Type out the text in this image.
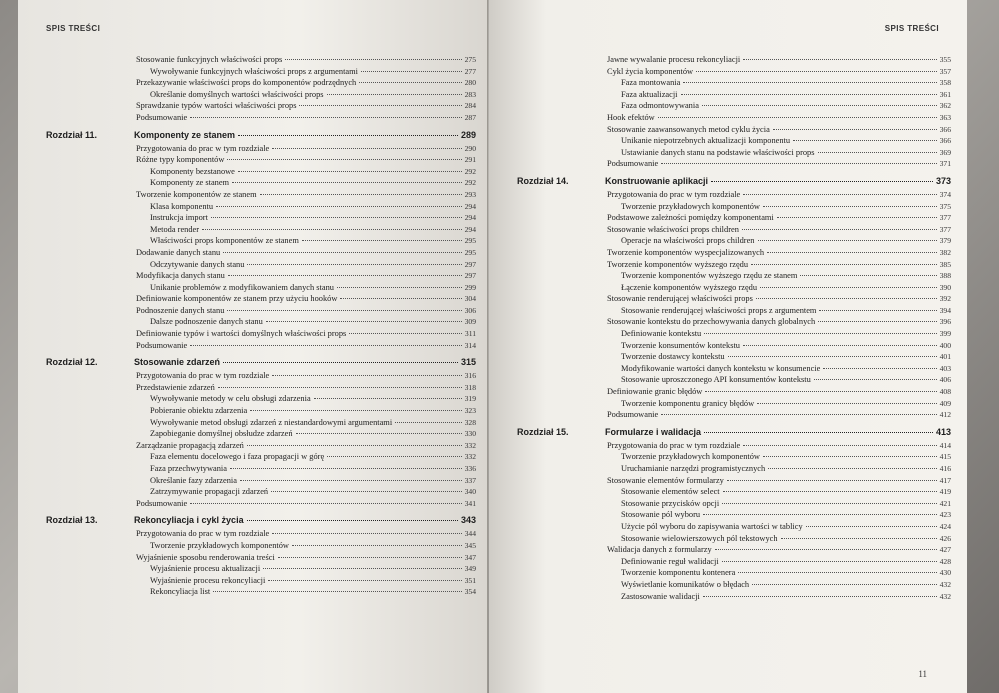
SPIS TREŚCI
Stosowanie funkcyjnych właściwości props	275
Wywoływanie funkcyjnych właściwości props z argumentami	277
Przekazywanie właściwości props do komponentów podrzędnych	280
Określanie domyślnych wartości właściwości props	283
Sprawdzanie typów wartości właściwości props	284
Podsumowanie	287
Rozdział 11.	Komponenty ze stanem	289
Przygotowania do prac w tym rozdziale	290
Różne typy komponentów	291
Komponenty bezstanowe	292
Komponenty ze stanem	292
Tworzenie komponentów ze stanem	293
Klasa komponentu	294
Instrukcja import	294
Metoda render	294
Właściwości props komponentów ze stanem	295
Dodawanie danych stanu	295
Odczytywanie danych stanu	297
Modyfikacja danych stanu	297
Unikanie problemów z modyfikowaniem danych stanu	299
Definiowanie komponentów ze stanem przy użyciu hooków	304
Podnoszenie danych stanu	306
Dalsze podnoszenie danych stanu	309
Definiowanie typów i wartości domyślnych właściwości props	311
Podsumowanie	314
Rozdział 12.	Stosowanie zdarzeń	315
Przygotowania do prac w tym rozdziale	316
Przedstawienie zdarzeń	318
Wywoływanie metody w celu obsługi zdarzenia	319
Pobieranie obiektu zdarzenia	323
Wywoływanie metod obsługi zdarzeń z niestandardowymi argumentami	328
Zapobieganie domyślnej obsłudze zdarzeń	330
Zarządzanie propagacją zdarzeń	332
Faza elementu docelowego i faza propagacji w górę	332
Faza przechwytywania	336
Określanie fazy zdarzenia	337
Zatrzymywanie propagacji zdarzeń	340
Podsumowanie	341
Rozdział 13.	Rekoncyliacja i cykl życia	343
Przygotowania do prac w tym rozdziale	344
Tworzenie przykładowych komponentów	345
Wyjaśnienie sposobu renderowania treści	347
Wyjaśnienie procesu aktualizacji	349
Wyjaśnienie procesu rekoncyliacji	351
Rekoncyliacja list	354
SPIS TREŚCI
Jawne wywalanie procesu rekoncyliacji	355
Cykl życia komponentów	357
Faza montowania	358
Faza aktualizacji	361
Faza odmontowywania	362
Hook efektów	363
Stosowanie zaawansowanych metod cyklu życia	366
Unikanie niepotrzebnych aktualizacji komponentu	366
Ustawianie danych stanu na podstawie właściwości props	369
Podsumowanie	371
Rozdział 14.	Konstruowanie aplikacji	373
Przygotowania do prac w tym rozdziale	374
Tworzenie przykładowych komponentów	375
Podstawowe zależności pomiędzy komponentami	377
Stosowanie właściwości props children	377
Operacje na właściwości props children	379
Tworzenie komponentów wyspecjalizowanych	382
Tworzenie komponentów wyższego rzędu	385
Tworzenie komponentów wyższego rzędu ze stanem	388
Łączenie komponentów wyższego rzędu	390
Stosowanie renderującej właściwości props	392
Stosowanie renderującej właściwości props z argumentem	394
Stosowanie kontekstu do przechowywania danych globalnych	396
Definiowanie kontekstu	399
Tworzenie konsumentów kontekstu	400
Tworzenie dostawcy kontekstu	401
Modyfikowanie wartości danych kontekstu w konsumencie	403
Stosowanie uproszczonego API konsumentów kontekstu	406
Definiowanie granic błędów	408
Tworzenie komponentu granicy błędów	409
Podsumowanie	412
Rozdział 15.	Formularze i walidacja	413
Przygotowania do prac w tym rozdziale	414
Tworzenie przykładowych komponentów	415
Uruchamianie narzędzi programistycznych	416
Stosowanie elementów formularzy	417
Stosowanie elementów select	419
Stosowanie przycisków opcji	421
Stosowanie pól wyboru	423
Użycie pól wyboru do zapisywania wartości w tablicy	424
Stosowanie wielowierszowych pól tekstowych	426
Walidacja danych z formularzy	427
Definiowanie reguł walidacji	428
Tworzenie komponentu kontenera	430
Wyświetlanie komunikatów o błędach	432
Zastosowanie walidacji	432
11
